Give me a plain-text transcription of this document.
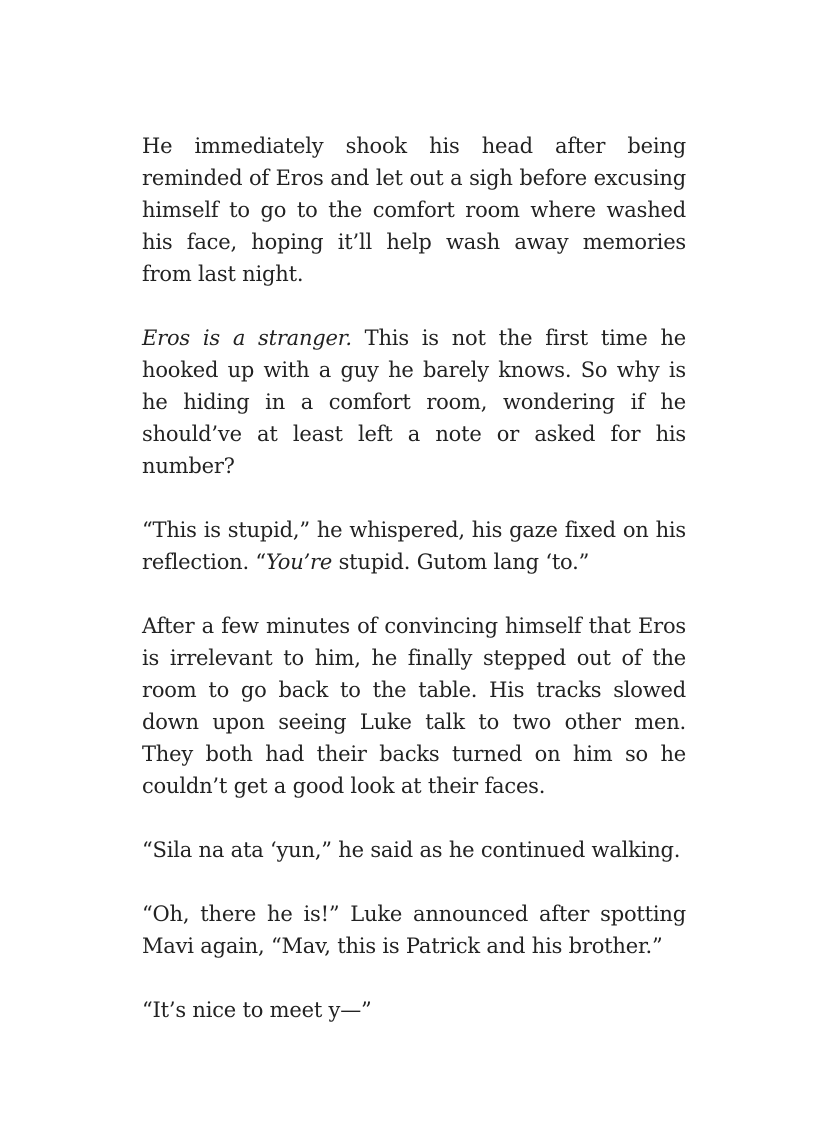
He immediately shook his head after being reminded of Eros and let out a sigh before excusing himself to go to the comfort room where washed his face, hoping it’ll help wash away memories from last night.

Eros is a stranger. This is not the first time he hooked up with a guy he barely knows. So why is he hiding in a comfort room, wondering if he should’ve at least left a note or asked for his number?

“This is stupid,” he whispered, his gaze fixed on his reflection. “You’re stupid. Gutom lang ‘to.”

After a few minutes of convincing himself that Eros is irrelevant to him, he finally stepped out of the room to go back to the table. His tracks slowed down upon seeing Luke talk to two other men. They both had their backs turned on him so he couldn’t get a good look at their faces.

“Sila na ata ‘yun,” he said as he continued walking.

“Oh, there he is!” Luke announced after spotting Mavi again, “Mav, this is Patrick and his brother.”

“It’s nice to meet y—”
